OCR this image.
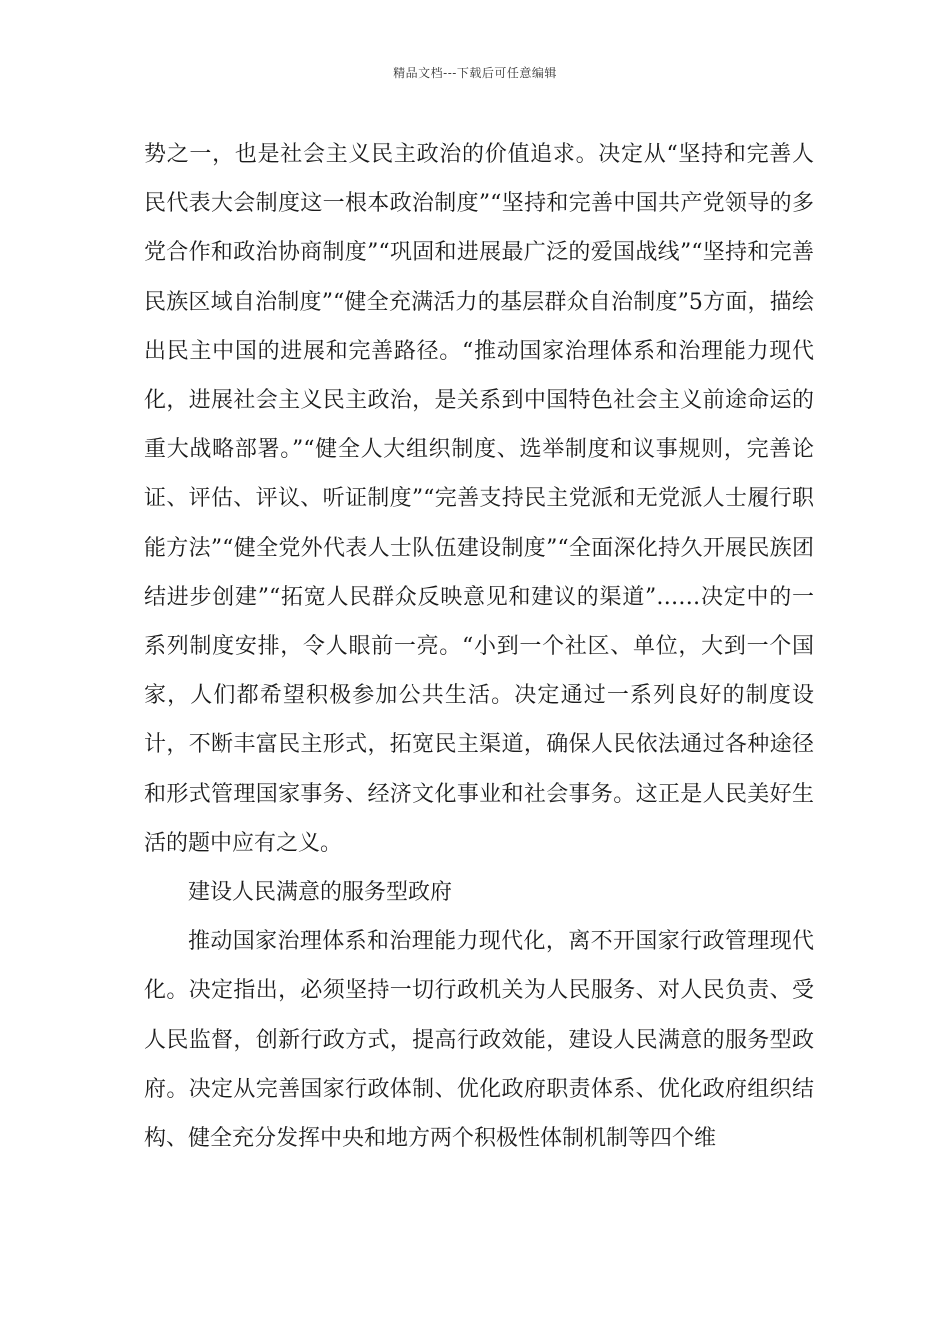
精品文档---下载后可任意编辑

势之一，也是社会主义民主政治的价值追求。决定从“坚持和完善人民代表大会制度这一根本政治制度”“坚持和完善中国共产党领导的多党合作和政治协商制度”“巩固和进展最广泛的爱国战线”“坚持和完善民族区域自治制度”“健全充满活力的基层群众自治制度”5方面，描绘出民主中国的进展和完善路径。“推动国家治理体系和治理能力现代化，进展社会主义民主政治，是关系到中国特色社会主义前途命运的重大战略部署。”“健全人大组织制度、选举制度和议事规则，完善论证、评估、评议、听证制度”“完善支持民主党派和无党派人士履行职能方法”“健全党外代表人士队伍建设制度”“全面深化持久开展民族团结进步创建”“拓宽人民群众反映意见和建议的渠道”……决定中的一系列制度安排，令人眼前一亮。“小到一个社区、单位，大到一个国家，人们都希望积极参加公共生活。决定通过一系列良好的制度设计，不断丰富民主形式，拓宽民主渠道，确保人民依法通过各种途径和形式管理国家事务、经济文化事业和社会事务。这正是人民美好生活的题中应有之义。

建设人民满意的服务型政府

推动国家治理体系和治理能力现代化，离不开国家行政管理现代化。决定指出，必须坚持一切行政机关为人民服务、对人民负责、受人民监督，创新行政方式，提高行政效能，建设人民满意的服务型政府。决定从完善国家行政体制、优化政府职责体系、优化政府组织结构、健全充分发挥中央和地方两个积极性体制机制等四个维
